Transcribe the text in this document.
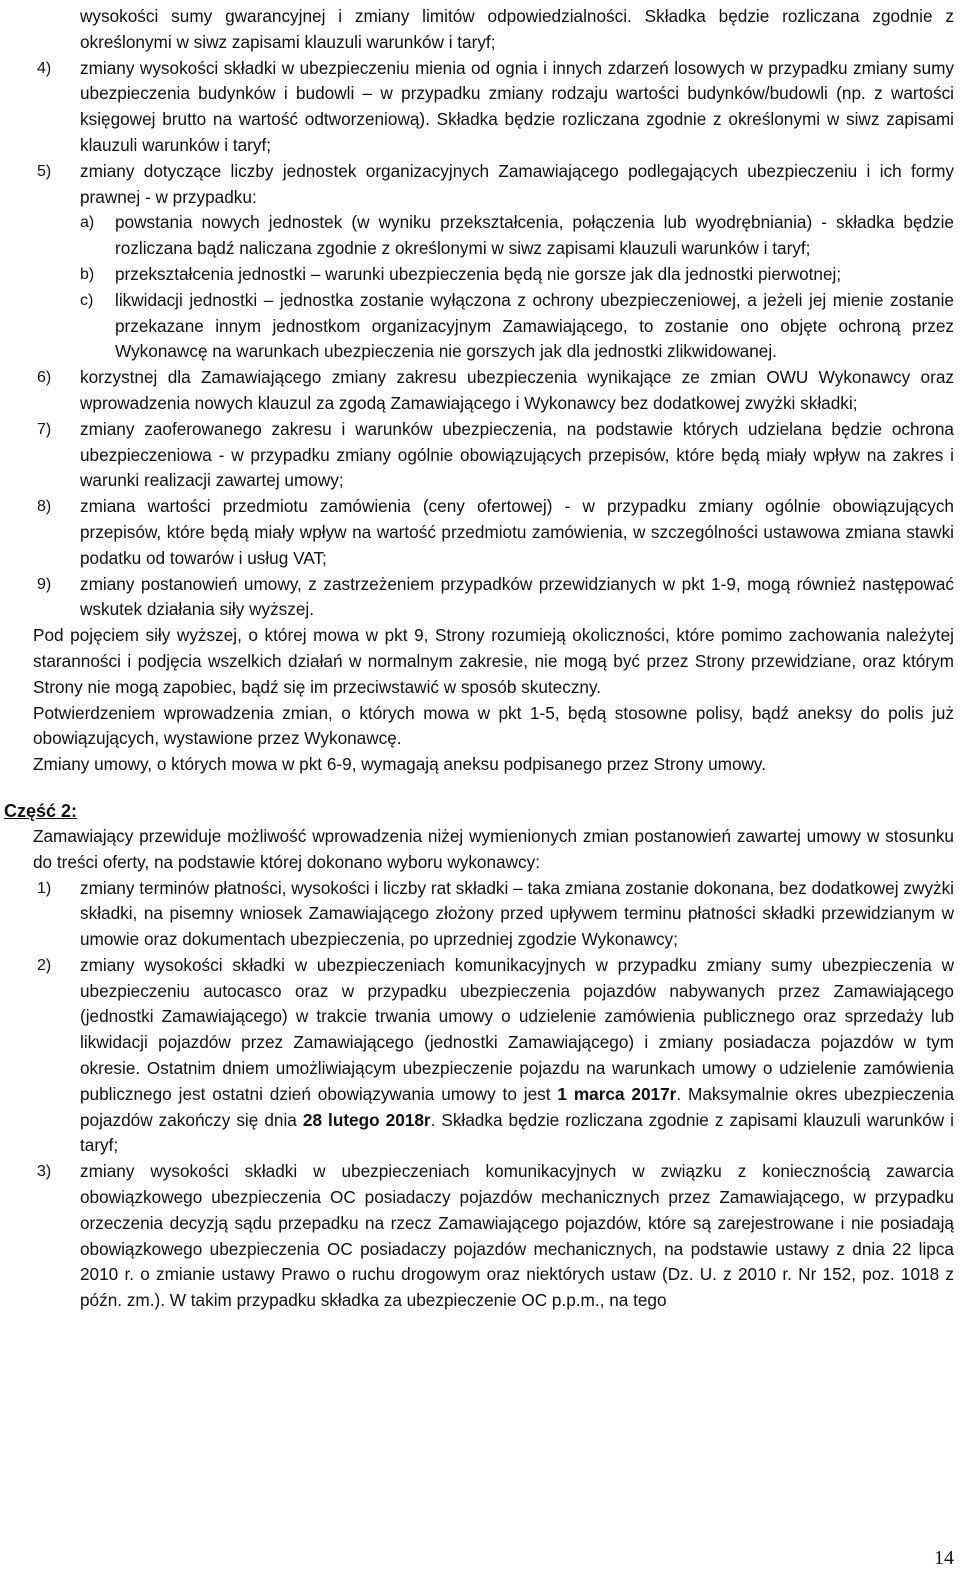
wysokości sumy gwarancyjnej i zmiany limitów odpowiedzialności. Składka będzie rozliczana zgodnie z określonymi w siwz zapisami klauzuli warunków i taryf;

4)	zmiany wysokości składki w ubezpieczeniu mienia od ognia i innych zdarzeń losowych w przypadku zmiany sumy ubezpieczenia budynków i budowli – w przypadku zmiany rodzaju wartości budynków/budowli (np. z wartości księgowej brutto na wartość odtworzeniową). Składka będzie rozliczana zgodnie z określonymi w siwz zapisami klauzuli warunków i taryf;
5)	zmiany dotyczące liczby jednostek organizacyjnych Zamawiającego podlegających ubezpieczeniu i ich formy prawnej - w przypadku:
a)	powstania nowych jednostek (w wyniku przekształcenia, połączenia lub wyodrębniania) - składka będzie rozliczana bądź naliczana zgodnie z określonymi w siwz zapisami klauzuli warunków i taryf;
b)	przekształcenia jednostki – warunki ubezpieczenia będą nie gorsze jak dla jednostki pierwotnej;
c)	likwidacji jednostki – jednostka zostanie wyłączona z ochrony ubezpieczeniowej, a jeżeli jej mienie zostanie przekazane innym jednostkom organizacyjnym Zamawiającego, to zostanie ono objęte ochroną przez Wykonawcę na warunkach ubezpieczenia nie gorszych jak dla jednostki zlikwidowanej.
6)	korzystnej dla Zamawiającego zmiany zakresu ubezpieczenia wynikające ze zmian OWU Wykonawcy oraz wprowadzenia nowych klauzul za zgodą Zamawiającego i Wykonawcy bez dodatkowej zwyżki składki;
7)	zmiany zaoferowanego zakresu i warunków ubezpieczenia, na podstawie których udzielana będzie ochrona ubezpieczeniowa - w przypadku zmiany ogólnie obowiązujących przepisów, które będą miały wpływ na zakres i warunki realizacji zawartej umowy;
8)	zmiana wartości przedmiotu zamówienia (ceny ofertowej) - w przypadku zmiany ogólnie obowiązujących przepisów, które będą miały wpływ na wartość przedmiotu zamówienia, w szczególności ustawowa zmiana stawki podatku od towarów i usług VAT;
9)	zmiany postanowień umowy, z zastrzeżeniem przypadków przewidzianych w pkt 1-9, mogą również następować wskutek działania siły wyższej.

Pod pojęciem siły wyższej, o której mowa w pkt 9, Strony rozumieją okoliczności, które pomimo zachowania należytej staranności i podjęcia wszelkich działań w normalnym zakresie, nie mogą być przez Strony przewidziane, oraz którym Strony nie mogą zapobiec, bądź się im przeciwstawić w sposób skuteczny.

Potwierdzeniem wprowadzenia zmian, o których mowa w pkt 1-5, będą stosowne polisy, bądź aneksy do polis już obowiązujących, wystawione przez Wykonawcę.

Zmiany umowy, o których mowa w pkt 6-9, wymagają aneksu podpisanego przez Strony umowy.

Część 2:

Zamawiający przewiduje możliwość wprowadzenia niżej wymienionych zmian postanowień zawartej umowy w stosunku do treści oferty, na podstawie której dokonano wyboru wykonawcy:

1)	zmiany terminów płatności, wysokości i liczby rat składki – taka zmiana zostanie dokonana, bez dodatkowej zwyżki składki, na pisemny wniosek Zamawiającego złożony przed upływem terminu płatności składki przewidzianym w umowie oraz dokumentach ubezpieczenia, po uprzedniej zgodzie Wykonawcy;
2)	zmiany wysokości składki w ubezpieczeniach komunikacyjnych w przypadku zmiany sumy ubezpieczenia w ubezpieczeniu autocasco oraz w przypadku ubezpieczenia pojazdów nabywanych przez Zamawiającego (jednostki Zamawiającego) w trakcie trwania umowy o udzielenie zamówienia publicznego oraz sprzedaży lub likwidacji pojazdów przez Zamawiającego (jednostki Zamawiającego) i zmiany posiadacza pojazdów w tym okresie. Ostatnim dniem umożliwiającym ubezpieczenie pojazdu na warunkach umowy o udzielenie zamówienia publicznego jest ostatni dzień obowiązywania umowy to jest 1 marca 2017r. Maksymalnie okres ubezpieczenia pojazdów zakończy się dnia 28 lutego 2018r. Składka będzie rozliczana zgodnie z zapisami klauzuli warunków i taryf;
3)	zmiany wysokości składki w ubezpieczeniach komunikacyjnych w związku z koniecznością zawarcia obowiązkowego ubezpieczenia OC posiadaczy pojazdów mechanicznych przez Zamawiającego, w przypadku orzeczenia decyzją sądu przepadku na rzecz Zamawiającego pojazdów, które są zarejestrowane i nie posiadają obowiązkowego ubezpieczenia OC posiadaczy pojazdów mechanicznych, na podstawie ustawy z dnia 22 lipca 2010 r. o zmianie ustawy Prawo o ruchu drogowym oraz niektórych ustaw (Dz. U. z 2010 r. Nr 152, poz. 1018 z późn. zm.). W takim przypadku składka za ubezpieczenie OC p.p.m., na tego
14
